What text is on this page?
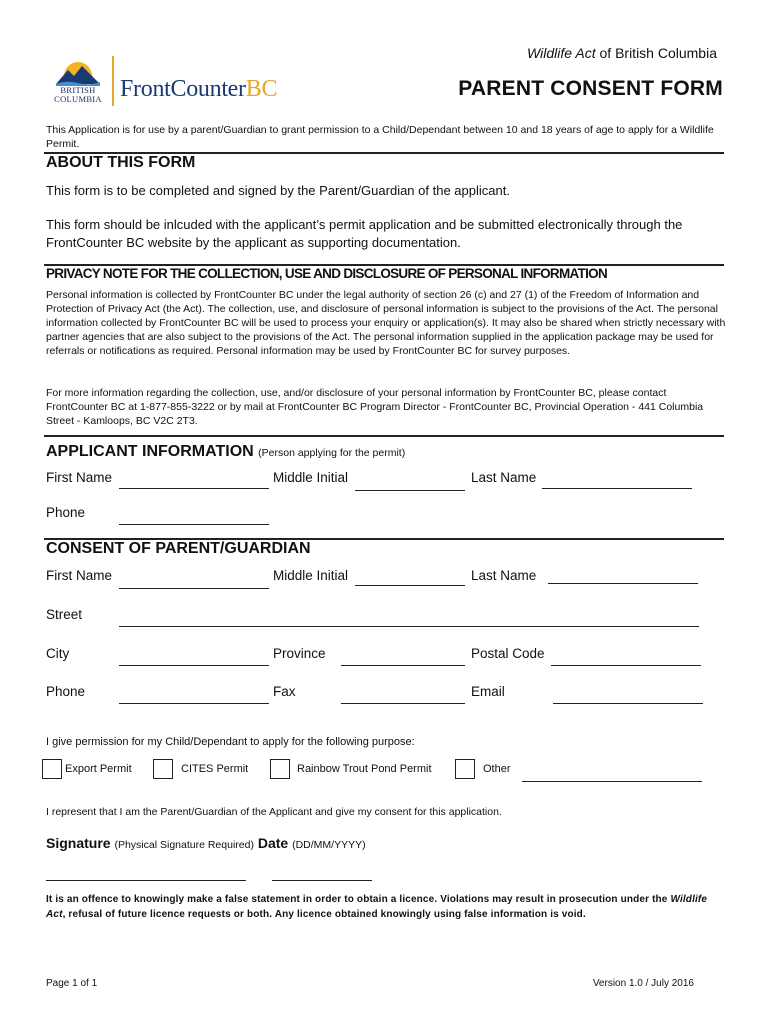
BRITISH COLUMBIA FrontCounterBC
Wildlife Act of British Columbia
PARENT CONSENT FORM
This Application is for use by a parent/Guardian to grant permission to a Child/Dependant between 10 and 18 years of age to apply for a Wildlife Permit.
ABOUT THIS FORM
This form is to be completed and signed by the Parent/Guardian of the applicant.
This form should be inlcuded with the applicant’s permit application and be submitted electronically through the FrontCounter BC website by the applicant as supporting documentation.
PRIVACY NOTE FOR THE COLLECTION, USE AND DISCLOSURE OF PERSONAL INFORMATION
Personal information is collected by FrontCounter BC under the legal authority of section 26 (c) and 27 (1) of the Freedom of Information and Protection of Privacy Act (the Act). The collection, use, and disclosure of personal information is subject to the provisions of the Act. The personal information collected by FrontCounter BC will be used to process your enquiry or application(s). It may also be shared when strictly necessary with partner agencies that are also subject to the provisions of the Act. The personal information supplied in the application package may be used for referrals or notifications as required. Personal information may be used by FrontCounter BC for survey purposes.
For more information regarding the collection, use, and/or disclosure of your personal information by FrontCounter BC, please contact FrontCounter BC at 1-877-855-3222 or by mail at FrontCounter BC Program Director - FrontCounter BC, Provincial Operation - 441 Columbia Street - Kamloops, BC V2C 2T3.
APPLICANT INFORMATION (Person applying for the permit)
First Name	Middle Initial	Last Name
Phone
CONSENT OF PARENT/GUARDIAN
First Name	Middle Initial	Last Name
Street
City	Province	Postal Code
Phone	Fax	Email
I give permission for my Child/Dependant to apply for the following purpose:
Export Permit	CITES Permit	Rainbow Trout Pond Permit	Other
I represent that I am the Parent/Guardian of the Applicant and give my consent for this application.
Signature (Physical Signature Required) Date (DD/MM/YYYY)
It is an offence to knowingly make a false statement in order to obtain a licence. Violations may result in prosecution under the Wildlife Act, refusal of future licence requests or both. Any licence obtained knowingly using false information is void.
Page 1 of 1	Version 1.0 / July 2016
